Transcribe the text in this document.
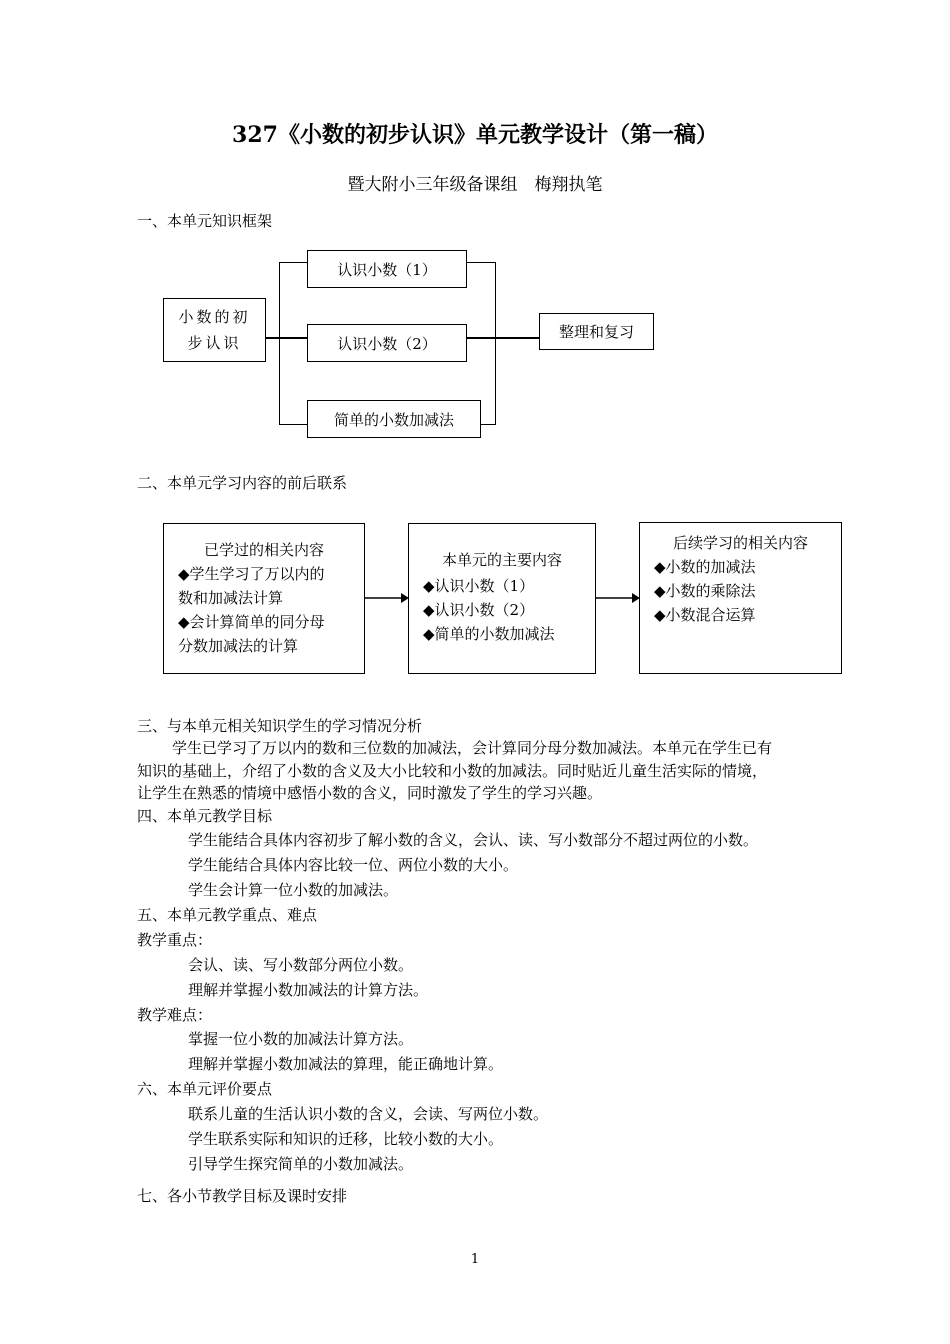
327《小数的初步认识》单元教学设计（第一稿）
暨大附小三年级备课组　梅翔执笔
一、本单元知识框架
小数的初步认识
认识小数（1）
认识小数（2）
简单的小数加减法
整理和复习
二、本单元学习内容的前后联系
已学过的相关内容
◆学生学习了万以内的
数和加减法计算
◆会计算简单的同分母
分数加减法的计算
本单元的主要内容
◆认识小数（1）
◆认识小数（2）
◆简单的小数加减法
后续学习的相关内容
◆小数的加减法
◆小数的乘除法
◆小数混合运算
三、与本单元相关知识学生的学习情况分析
学生已学习了万以内的数和三位数的加减法，会计算同分母分数加减法。本单元在学生已有
知识的基础上，介绍了小数的含义及大小比较和小数的加减法。同时贴近儿童生活实际的情境，
让学生在熟悉的情境中感悟小数的含义，同时激发了学生的学习兴趣。
四、本单元教学目标
学生能结合具体内容初步了解小数的含义，会认、读、写小数部分不超过两位的小数。
学生能结合具体内容比较一位、两位小数的大小。
学生会计算一位小数的加减法。
五、本单元教学重点、难点
教学重点：
会认、读、写小数部分两位小数。
理解并掌握小数加减法的计算方法。
教学难点：
掌握一位小数的加减法计算方法。
理解并掌握小数加减法的算理，能正确地计算。
六、本单元评价要点
联系儿童的生活认识小数的含义，会读、写两位小数。
学生联系实际和知识的迁移，比较小数的大小。
引导学生探究简单的小数加减法。
七、各小节教学目标及课时安排
1
